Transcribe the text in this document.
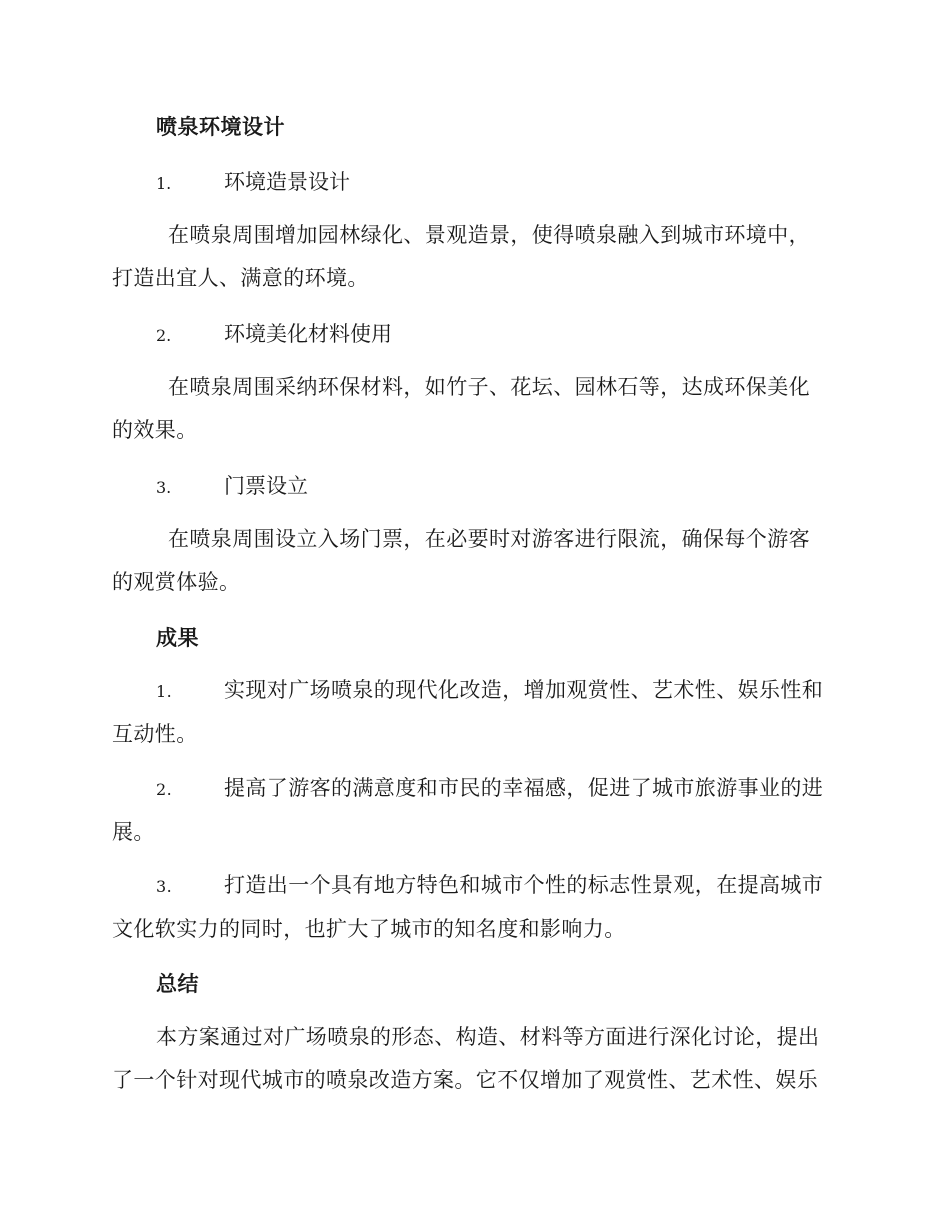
喷泉环境设计
1.	环境造景设计
在喷泉周围增加园林绿化、景观造景，使得喷泉融入到城市环境中，
打造出宜人、满意的环境。
2.	环境美化材料使用
在喷泉周围采纳环保材料，如竹子、花坛、园林石等，达成环保美化
的效果。
3.	门票设立
在喷泉周围设立入场门票，在必要时对游客进行限流，确保每个游客
的观赏体验。
成果
1. 实现对广场喷泉的现代化改造，增加观赏性、艺术性、娱乐性和
互动性。
2. 提高了游客的满意度和市民的幸福感，促进了城市旅游事业的进
展。
3. 打造出一个具有地方特色和城市个性的标志性景观，在提高城市
文化软实力的同时，也扩大了城市的知名度和影响力。
总结
本方案通过对广场喷泉的形态、构造、材料等方面进行深化讨论，提出
了一个针对现代城市的喷泉改造方案。它不仅增加了观赏性、艺术性、娱乐
